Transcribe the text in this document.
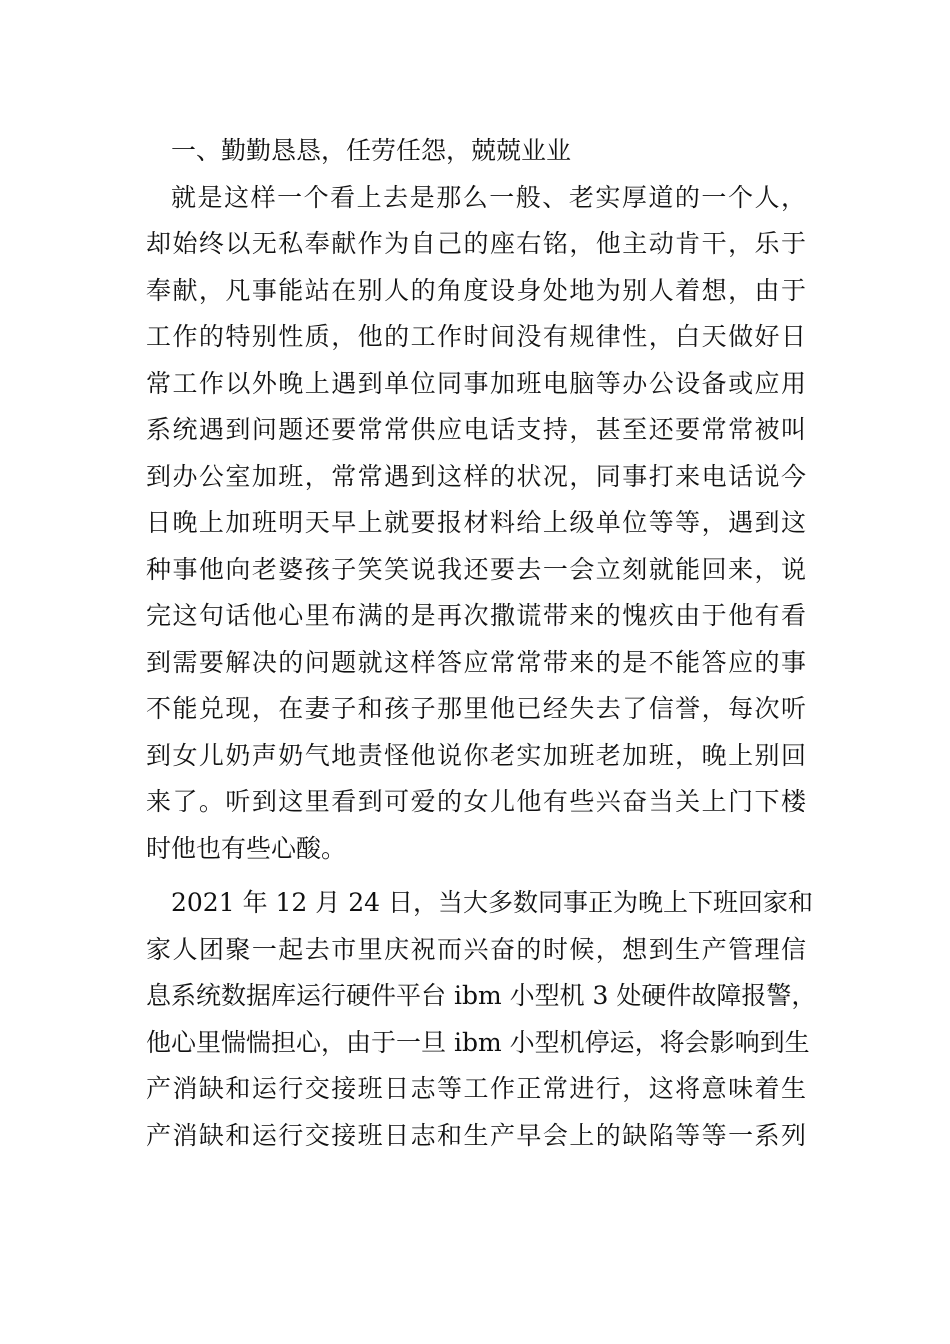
一、勤勤恳恳，任劳任怨，兢兢业业
就是这样一个看上去是那么一般、老实厚道的一个人，
却始终以无私奉献作为自己的座右铭，他主动肯干，乐于
奉献，凡事能站在别人的角度设身处地为别人着想，由于
工作的特别性质，他的工作时间没有规律性，白天做好日
常工作以外晚上遇到单位同事加班电脑等办公设备或应用
系统遇到问题还要常常供应电话支持，甚至还要常常被叫
到办公室加班，常常遇到这样的状况，同事打来电话说今
日晚上加班明天早上就要报材料给上级单位等等，遇到这
种事他向老婆孩子笑笑说我还要去一会立刻就能回来，说
完这句话他心里布满的是再次撒谎带来的愧疚由于他有看
到需要解决的问题就这样答应常常带来的是不能答应的事
不能兑现，在妻子和孩子那里他已经失去了信誉，每次听
到女儿奶声奶气地责怪他说你老实加班老加班，晚上别回
来了。听到这里看到可爱的女儿他有些兴奋当关上门下楼
时他也有些心酸。
2021 年 12 月 24 日，当大多数同事正为晚上下班回家和
家人团聚一起去市里庆祝而兴奋的时候，想到生产管理信
息系统数据库运行硬件平台 ibm 小型机 3 处硬件故障报警，
他心里惴惴担心，由于一旦 ibm 小型机停运，将会影响到生
产消缺和运行交接班日志等工作正常进行，这将意味着生
产消缺和运行交接班日志和生产早会上的缺陷等等一系列
